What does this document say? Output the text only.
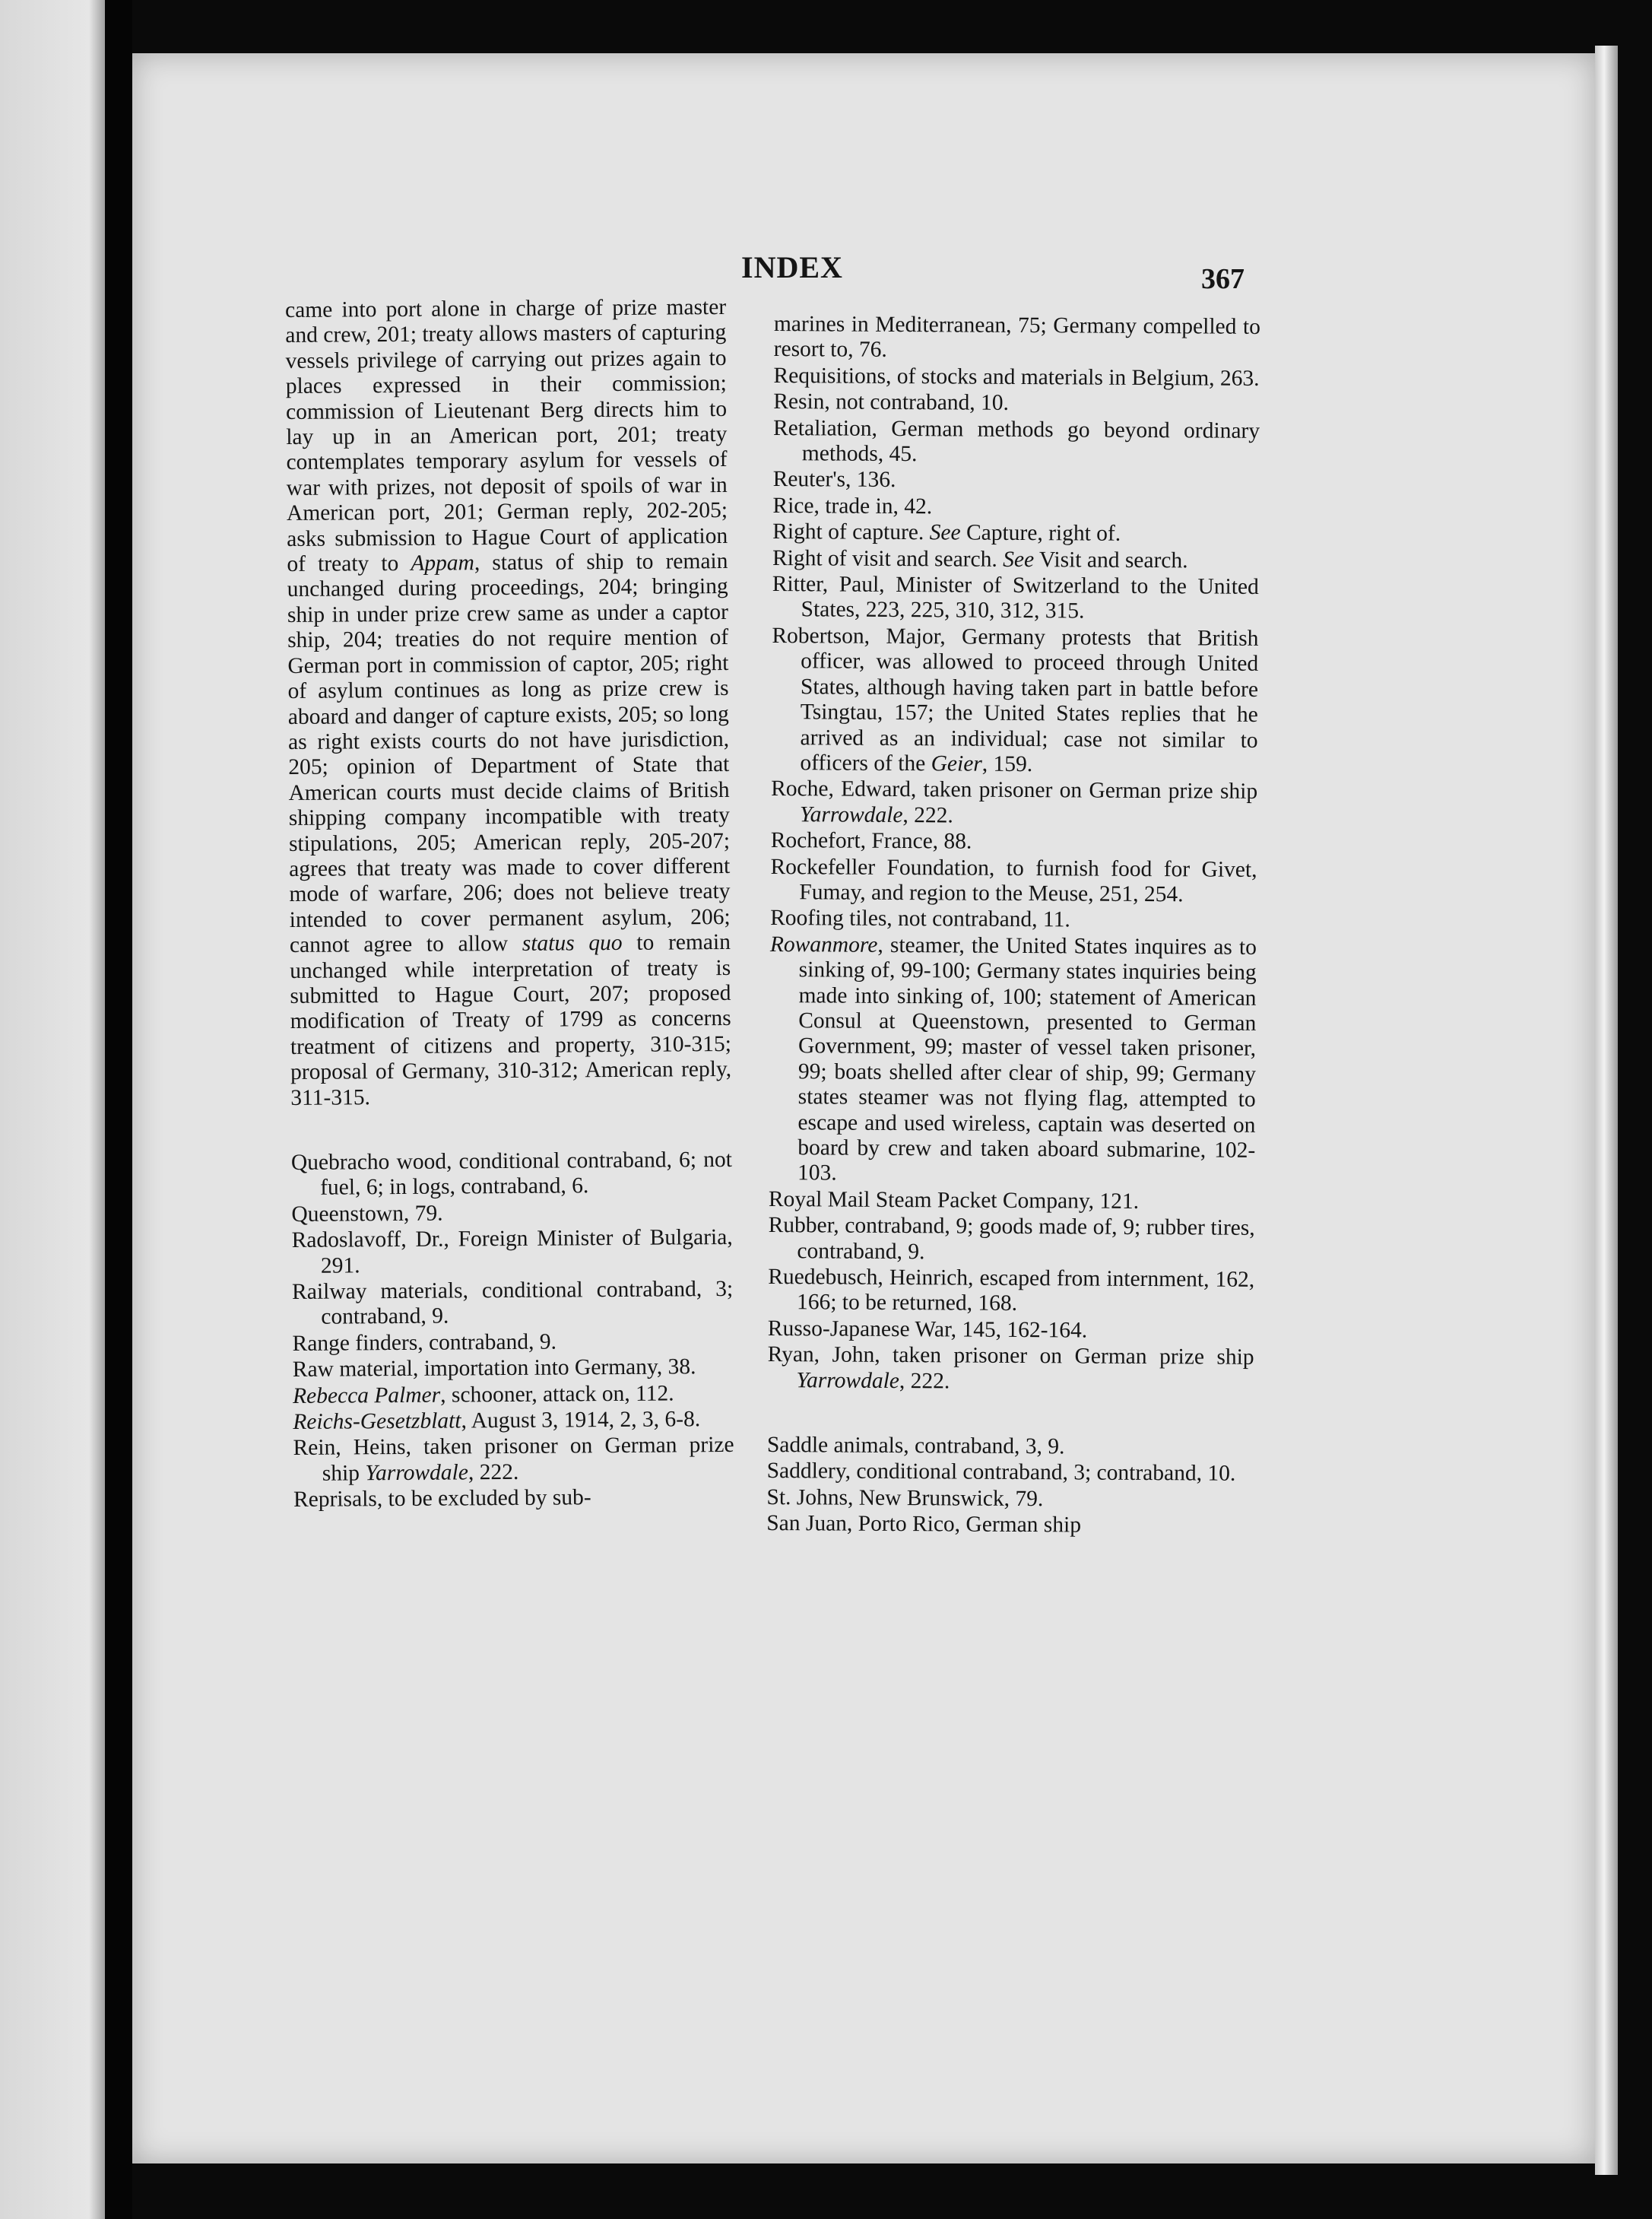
INDEX	367

came into port alone in charge of prize master and crew, 201; treaty allows masters of capturing vessels privilege of carrying out prizes again to places expressed in their commission; commission of Lieutenant Berg directs him to lay up in an American port, 201; treaty contemplates temporary asylum for vessels of war with prizes, not deposit of spoils of war in American port, 201; German reply, 202-205; asks submission to Hague Court of application of treaty to Appam, status of ship to remain unchanged during proceedings, 204; bringing ship in under prize crew same as under a captor ship, 204; treaties do not require mention of German port in commission of captor, 205; right of asylum continues as long as prize crew is aboard and danger of capture exists, 205; so long as right exists courts do not have jurisdiction, 205; opinion of Department of State that American courts must decide claims of British shipping company incompatible with treaty stipulations, 205; American reply, 205-207; agrees that treaty was made to cover different mode of warfare, 206; does not believe treaty intended to cover permanent asylum, 206; cannot agree to allow status quo to remain unchanged while interpretation of treaty is submitted to Hague Court, 207; proposed modification of Treaty of 1799 as concerns treatment of citizens and property, 310-315; proposal of Germany, 310-312; American reply, 311-315.

Quebracho wood, conditional contraband, 6; not fuel, 6; in logs, contraband, 6.

Queenstown, 79.

Radoslavoff, Dr., Foreign Minister of Bulgaria, 291.

Railway materials, conditional contraband, 3; contraband, 9.

Range finders, contraband, 9.

Raw material, importation into Germany, 38.

Rebecca Palmer, schooner, attack on, 112.

Reichs-Gesetzblatt, August 3, 1914, 2, 3, 6-8.

Rein, Heins, taken prisoner on German prize ship Yarrowdale, 222.

Reprisals, to be excluded by sub-

marines in Mediterranean, 75; Germany compelled to resort to, 76.

Requisitions, of stocks and materials in Belgium, 263.

Resin, not contraband, 10.

Retaliation, German methods go beyond ordinary methods, 45.

Reuter's, 136.

Rice, trade in, 42.

Right of capture. See Capture, right of.

Right of visit and search. See Visit and search.

Ritter, Paul, Minister of Switzerland to the United States, 223, 225, 310, 312, 315.

Robertson, Major, Germany protests that British officer, was allowed to proceed through United States, although having taken part in battle before Tsingtau, 157; the United States replies that he arrived as an individual; case not similar to officers of the Geier, 159.

Roche, Edward, taken prisoner on German prize ship Yarrowdale, 222.

Rochefort, France, 88.

Rockefeller Foundation, to furnish food for Givet, Fumay, and region to the Meuse, 251, 254.

Roofing tiles, not contraband, 11.

Rowanmore, steamer, the United States inquires as to sinking of, 99-100; Germany states inquiries being made into sinking of, 100; statement of American Consul at Queenstown, presented to German Government, 99; master of vessel taken prisoner, 99; boats shelled after clear of ship, 99; Germany states steamer was not flying flag, attempted to escape and used wireless, captain was deserted on board by crew and taken aboard submarine, 102-103.

Royal Mail Steam Packet Company, 121.

Rubber, contraband, 9; goods made of, 9; rubber tires, contraband, 9.

Ruedebusch, Heinrich, escaped from internment, 162, 166; to be returned, 168.

Russo-Japanese War, 145, 162-164.

Ryan, John, taken prisoner on German prize ship Yarrowdale, 222.

Saddle animals, contraband, 3, 9.

Saddlery, conditional contraband, 3; contraband, 10.

St. Johns, New Brunswick, 79.

San Juan, Porto Rico, German ship
